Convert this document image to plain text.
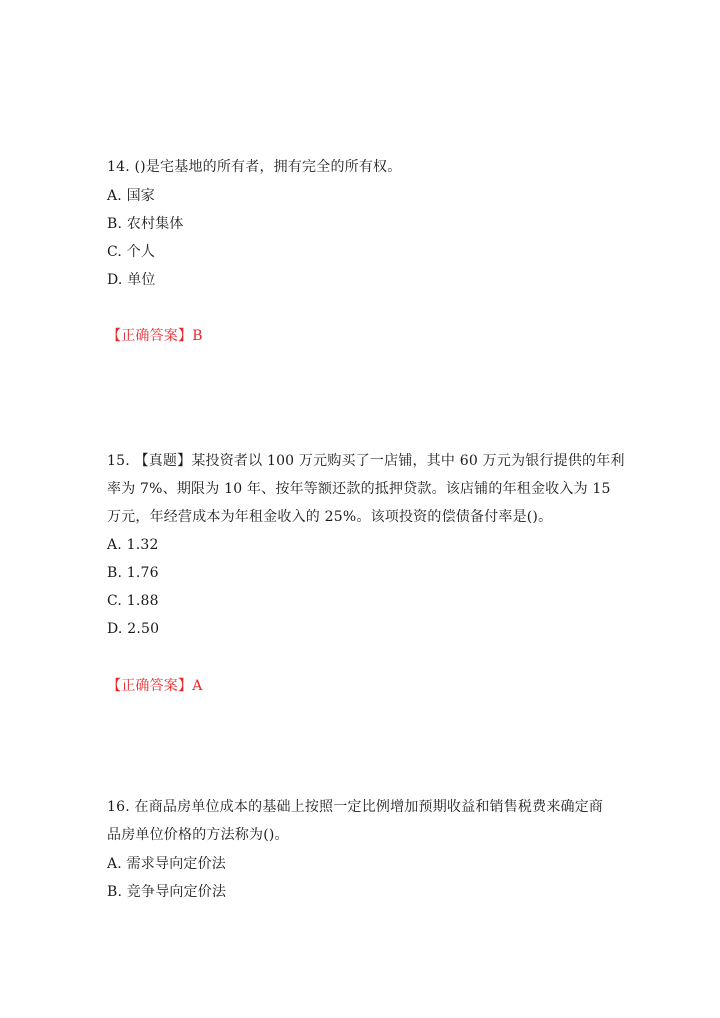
14. ()是宅基地的所有者，拥有完全的所有权。
A. 国家
B. 农村集体
C. 个人
D. 单位
【正确答案】B
15. 【真题】某投资者以 100 万元购买了一店铺，其中 60 万元为银行提供的年利
率为 7%、期限为 10 年、按年等额还款的抵押贷款。该店铺的年租金收入为 15
万元，年经营成本为年租金收入的 25%。该项投资的偿债备付率是()。
A. 1.32
B. 1.76
C. 1.88
D. 2.50
【正确答案】A
16. 在商品房单位成本的基础上按照一定比例增加预期收益和销售税费来确定商
品房单位价格的方法称为()。
A. 需求导向定价法
B. 竞争导向定价法
